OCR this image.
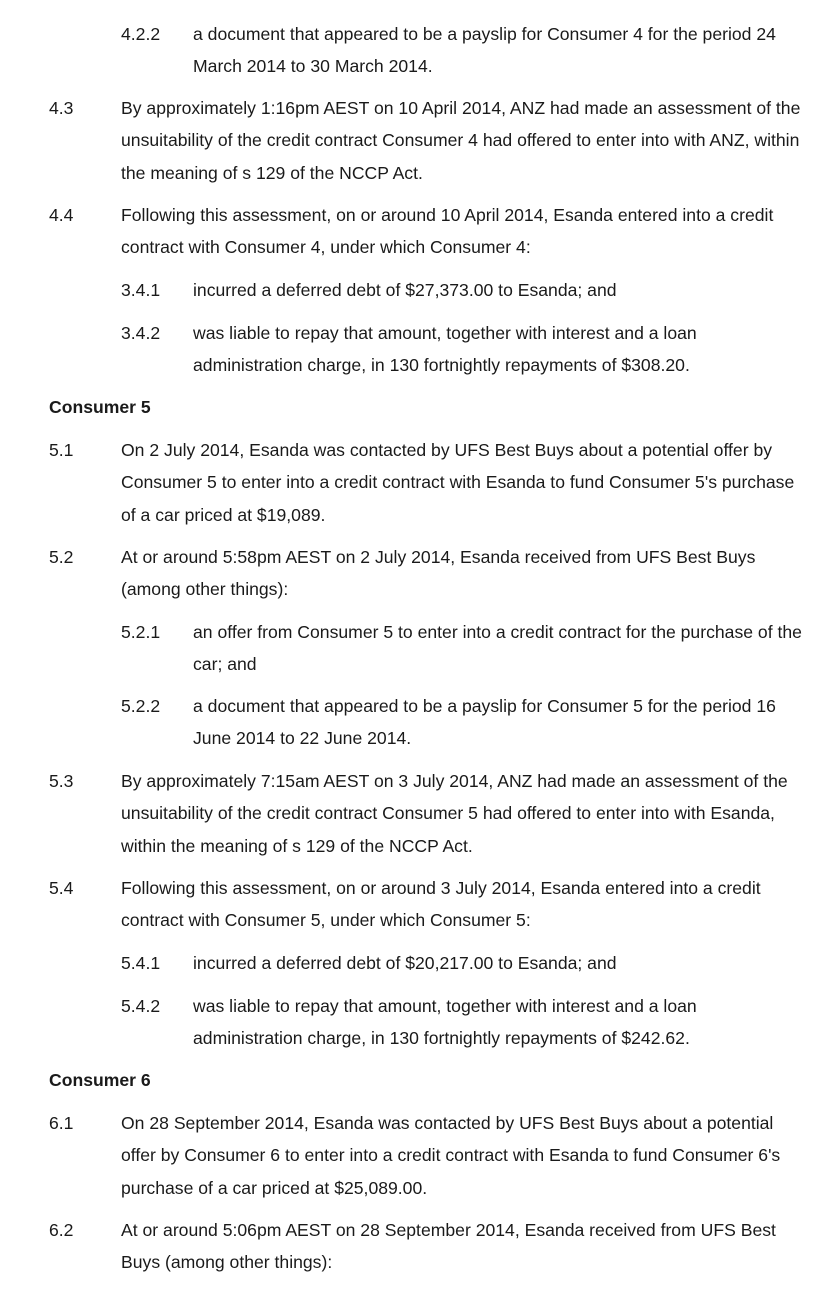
4.2.2 a document that appeared to be a payslip for Consumer 4 for the period 24 March 2014 to 30 March 2014.
4.3	By approximately 1:16pm AEST on 10 April 2014, ANZ had made an assessment of the unsuitability of the credit contract Consumer 4 had offered to enter into with ANZ, within the meaning of s 129 of the NCCP Act.
4.4	Following this assessment, on or around 10 April 2014, Esanda entered into a credit contract with Consumer 4, under which Consumer 4:
3.4.1 incurred a deferred debt of $27,373.00 to Esanda; and
3.4.2 was liable to repay that amount, together with interest and a loan administration charge, in 130 fortnightly repayments of $308.20.
Consumer 5
5.1	On 2 July 2014, Esanda was contacted by UFS Best Buys about a potential offer by Consumer 5 to enter into a credit contract with Esanda to fund Consumer 5's purchase of a car priced at $19,089.
5.2	At or around 5:58pm AEST on 2 July 2014, Esanda received from UFS Best Buys (among other things):
5.2.1 an offer from Consumer 5 to enter into a credit contract for the purchase of the car; and
5.2.2 a document that appeared to be a payslip for Consumer 5 for the period 16 June 2014 to 22 June 2014.
5.3	By approximately 7:15am AEST on 3 July 2014, ANZ had made an assessment of the unsuitability of the credit contract Consumer 5 had offered to enter into with Esanda, within the meaning of s 129 of the NCCP Act.
5.4	Following this assessment, on or around 3 July 2014, Esanda entered into a credit contract with Consumer 5, under which Consumer 5:
5.4.1 incurred a deferred debt of $20,217.00 to Esanda; and
5.4.2 was liable to repay that amount, together with interest and a loan administration charge, in 130 fortnightly repayments of $242.62.
Consumer 6
6.1	On 28 September 2014, Esanda was contacted by UFS Best Buys about a potential offer by Consumer 6 to enter into a credit contract with Esanda to fund Consumer 6's purchase of a car priced at $25,089.00.
6.2	At or around 5:06pm AEST on 28 September 2014, Esanda received from UFS Best Buys (among other things):
